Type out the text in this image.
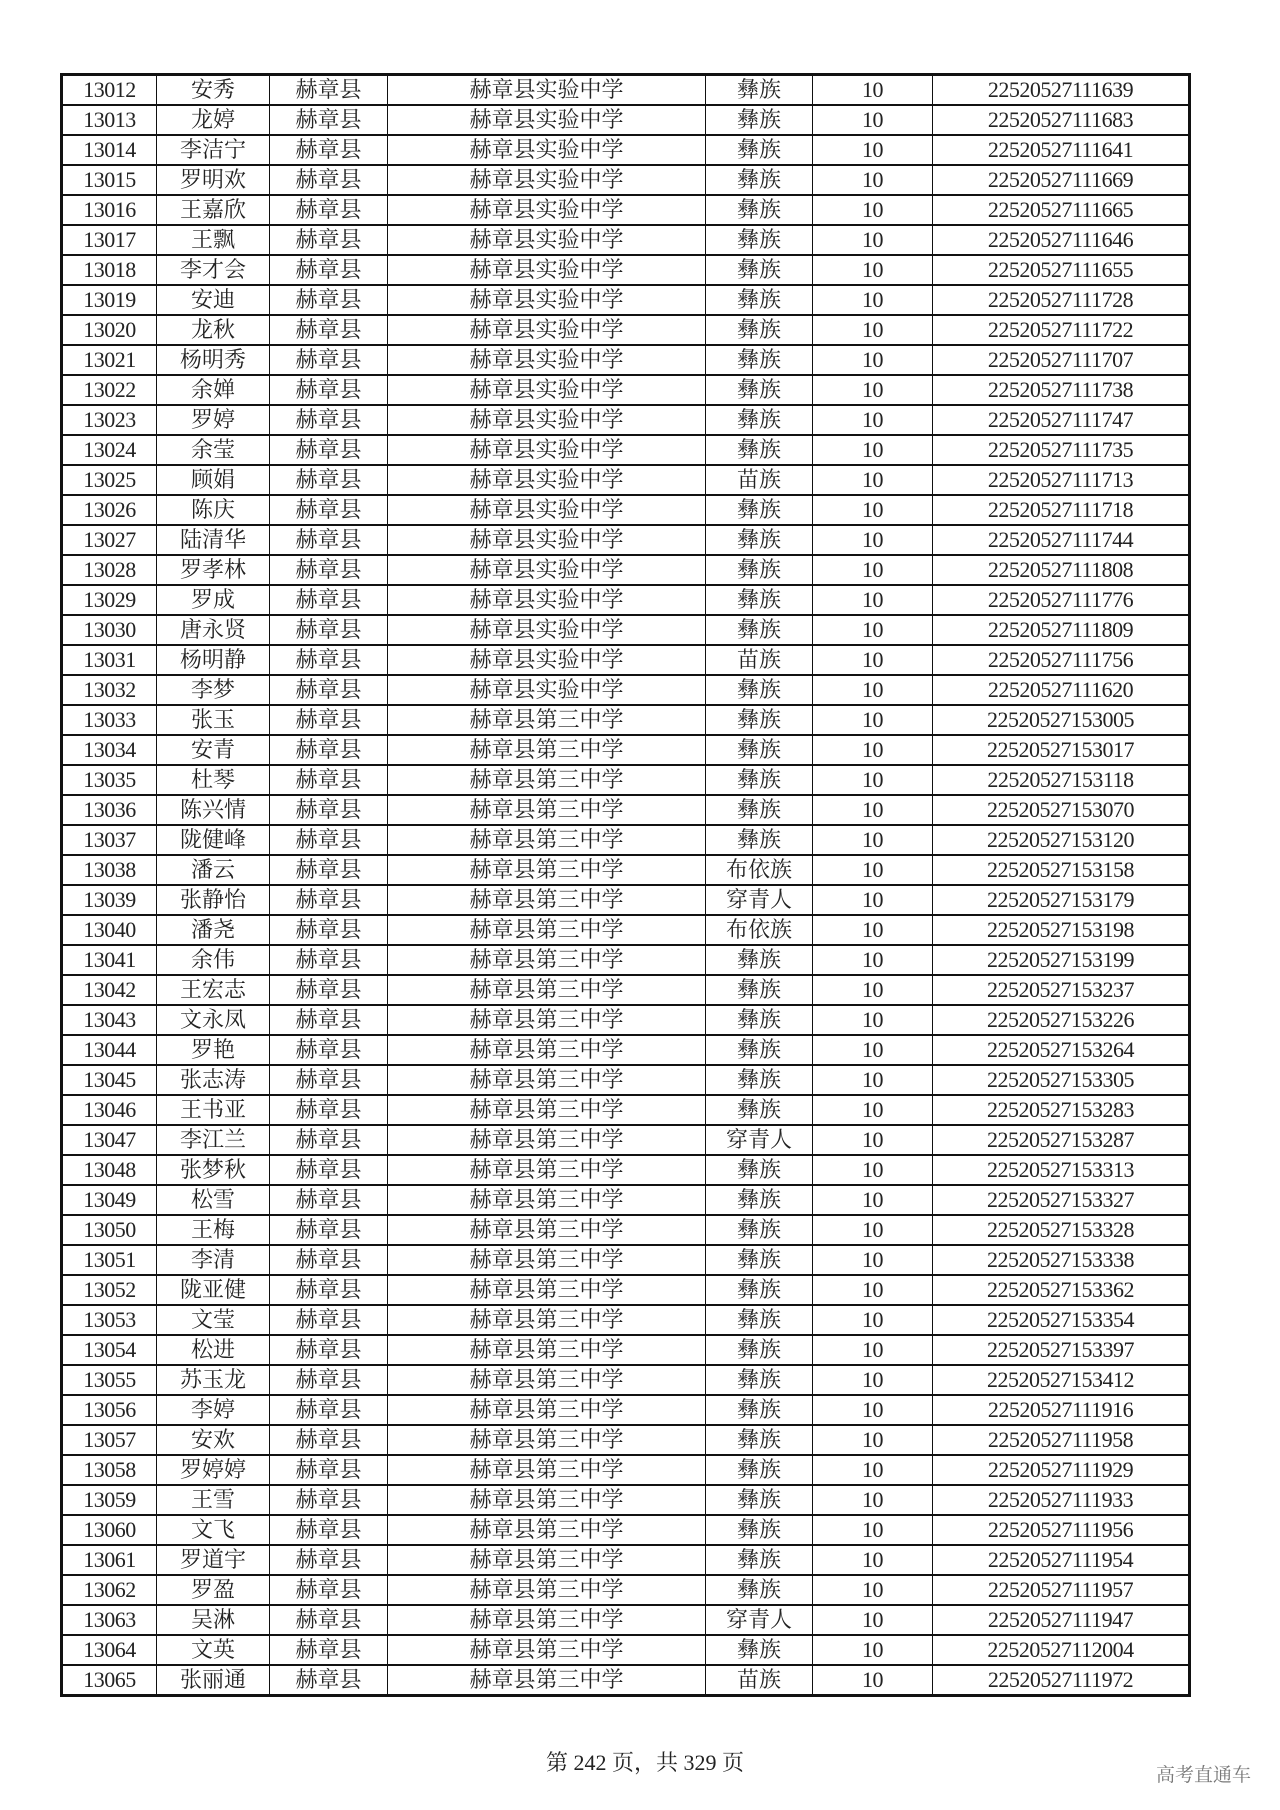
13012	安秀	赫章县	赫章县实验中学	彝族	10	22520527111639
13013	龙婷	赫章县	赫章县实验中学	彝族	10	22520527111683
13014	李洁宁	赫章县	赫章县实验中学	彝族	10	22520527111641
13015	罗明欢	赫章县	赫章县实验中学	彝族	10	22520527111669
13016	王嘉欣	赫章县	赫章县实验中学	彝族	10	22520527111665
13017	王飘	赫章县	赫章县实验中学	彝族	10	22520527111646
13018	李才会	赫章县	赫章县实验中学	彝族	10	22520527111655
13019	安迪	赫章县	赫章县实验中学	彝族	10	22520527111728
13020	龙秋	赫章县	赫章县实验中学	彝族	10	22520527111722
13021	杨明秀	赫章县	赫章县实验中学	彝族	10	22520527111707
13022	余婵	赫章县	赫章县实验中学	彝族	10	22520527111738
13023	罗婷	赫章县	赫章县实验中学	彝族	10	22520527111747
13024	余莹	赫章县	赫章县实验中学	彝族	10	22520527111735
13025	顾娟	赫章县	赫章县实验中学	苗族	10	22520527111713
13026	陈庆	赫章县	赫章县实验中学	彝族	10	22520527111718
13027	陆清华	赫章县	赫章县实验中学	彝族	10	22520527111744
13028	罗孝林	赫章县	赫章县实验中学	彝族	10	22520527111808
13029	罗成	赫章县	赫章县实验中学	彝族	10	22520527111776
13030	唐永贤	赫章县	赫章县实验中学	彝族	10	22520527111809
13031	杨明静	赫章县	赫章县实验中学	苗族	10	22520527111756
13032	李梦	赫章县	赫章县实验中学	彝族	10	22520527111620
13033	张玉	赫章县	赫章县第三中学	彝族	10	22520527153005
13034	安青	赫章县	赫章县第三中学	彝族	10	22520527153017
13035	杜琴	赫章县	赫章县第三中学	彝族	10	22520527153118
13036	陈兴情	赫章县	赫章县第三中学	彝族	10	22520527153070
13037	陇健峰	赫章县	赫章县第三中学	彝族	10	22520527153120
13038	潘云	赫章县	赫章县第三中学	布依族	10	22520527153158
13039	张静怡	赫章县	赫章县第三中学	穿青人	10	22520527153179
13040	潘尧	赫章县	赫章县第三中学	布依族	10	22520527153198
13041	余伟	赫章县	赫章县第三中学	彝族	10	22520527153199
13042	王宏志	赫章县	赫章县第三中学	彝族	10	22520527153237
13043	文永凤	赫章县	赫章县第三中学	彝族	10	22520527153226
13044	罗艳	赫章县	赫章县第三中学	彝族	10	22520527153264
13045	张志涛	赫章县	赫章县第三中学	彝族	10	22520527153305
13046	王书亚	赫章县	赫章县第三中学	彝族	10	22520527153283
13047	李江兰	赫章县	赫章县第三中学	穿青人	10	22520527153287
13048	张梦秋	赫章县	赫章县第三中学	彝族	10	22520527153313
13049	松雪	赫章县	赫章县第三中学	彝族	10	22520527153327
13050	王梅	赫章县	赫章县第三中学	彝族	10	22520527153328
13051	李清	赫章县	赫章县第三中学	彝族	10	22520527153338
13052	陇亚健	赫章县	赫章县第三中学	彝族	10	22520527153362
13053	文莹	赫章县	赫章县第三中学	彝族	10	22520527153354
13054	松进	赫章县	赫章县第三中学	彝族	10	22520527153397
13055	苏玉龙	赫章县	赫章县第三中学	彝族	10	22520527153412
13056	李婷	赫章县	赫章县第三中学	彝族	10	22520527111916
13057	安欢	赫章县	赫章县第三中学	彝族	10	22520527111958
13058	罗婷婷	赫章县	赫章县第三中学	彝族	10	22520527111929
13059	王雪	赫章县	赫章县第三中学	彝族	10	22520527111933
13060	文飞	赫章县	赫章县第三中学	彝族	10	22520527111956
13061	罗道宇	赫章县	赫章县第三中学	彝族	10	22520527111954
13062	罗盈	赫章县	赫章县第三中学	彝族	10	22520527111957
13063	吴淋	赫章县	赫章县第三中学	穿青人	10	22520527111947
13064	文英	赫章县	赫章县第三中学	彝族	10	22520527112004
13065	张丽通	赫章县	赫章县第三中学	苗族	10	22520527111972
第 242 页，共 329 页	高考直通车
